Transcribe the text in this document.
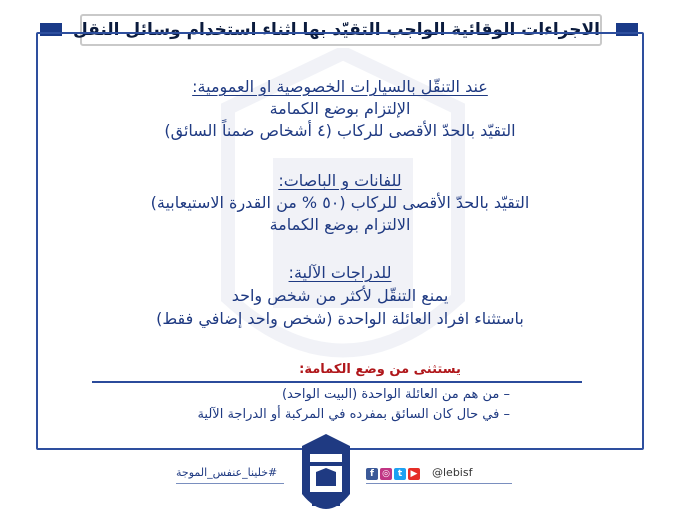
الاجراءات الوقائية الواجب التقيّد بها اثناء استخدام وسائل النقل
عند التنقّل بالسيارات الخصوصية او العمومية:
الإلتزام بوضع الكمامة
التقيّد بالحدّ الأقصى للركاب (٤ أشخاص ضمناً السائق)
للفانات و الباصات:
التقيّد بالحدّ الأقصى للركاب (٥٠ % من القدرة الاستيعابية)
الالتزام بوضع الكمامة
للدراجات الآلية:
يمنع التنقّل لأكثر من شخص واحد
باستثناء افراد العائلة الواحدة (شخص واحد إضافي فقط)
يستثنى من وضع الكمامة:
– من هم من العائلة الواحدة (البيت الواحد)
– في حال كان السائق بمفرده في المركبة أو الدراجة الآلية
#خلينا_عنفس_الموجة	f ◎ t ▶ @lebisf
